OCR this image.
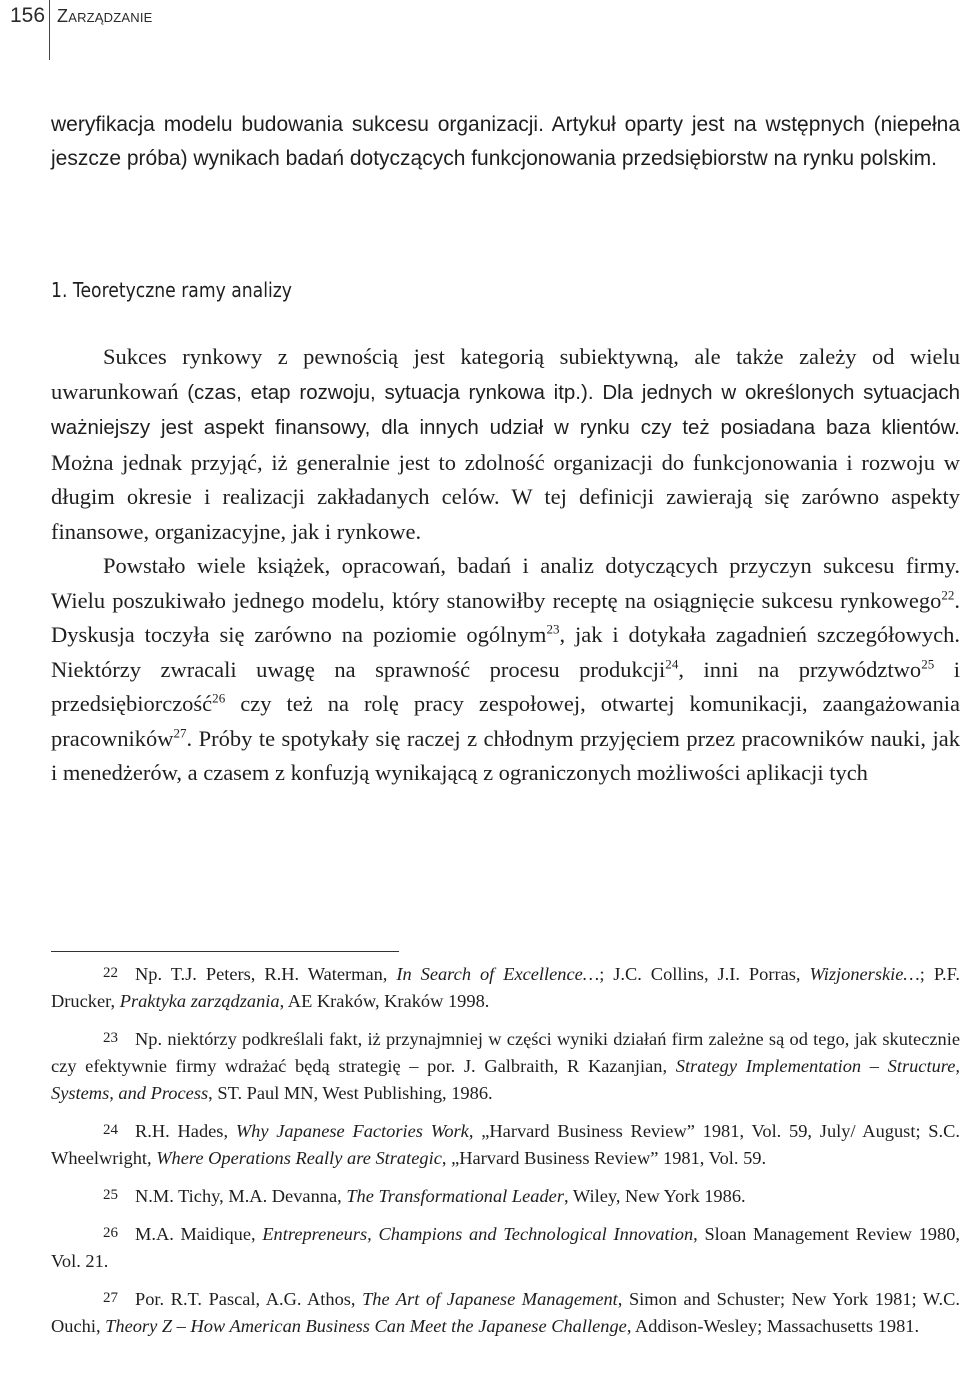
156 Zarządzanie

weryfikacja modelu budowania sukcesu organizacji. Artykuł oparty jest na wstępnych (niepełna jeszcze próba) wynikach badań dotyczących funkcjonowania przedsiębiorstw na rynku polskim.

1. Teoretyczne ramy analizy

Sukces rynkowy z pewnością jest kategorią subiektywną, ale także zależy od wielu uwarunkowań (czas, etap rozwoju, sytuacja rynkowa itp.). Dla jednych w określonych sytuacjach ważniejszy jest aspekt finansowy, dla innych udział w rynku czy też posiadana baza klientów. Można jednak przyjąć, iż generalnie jest to zdolność organizacji do funkcjonowania i rozwoju w długim okresie i realizacji zakładanych celów. W tej definicji zawierają się zarówno aspekty finansowe, organizacyjne, jak i rynkowe.

Powstało wiele książek, opracowań, badań i analiz dotyczących przyczyn sukcesu firmy. Wielu poszukiwało jednego modelu, który stanowiłby receptę na osiągnięcie sukcesu rynkowego$^{22}$. Dyskusja toczyła się zarówno na poziomie ogólnym$^{23}$, jak i dotykała zagadnień szczegółowych. Niektórzy zwracali uwagę na sprawność procesu produkcji$^{24}$, inni na przywództwo$^{25}$ i przedsiębiorczość$^{26}$ czy też na rolę pracy zespołowej, otwartej komunikacji, zaangażowania pracowników$^{27}$. Próby te spotykały się raczej z chłodnym przyjęciem przez pracowników nauki, jak i menedżerów, a czasem z konfuzją wynikającą z ograniczonych możliwości aplikacji tych

22 Np. T.J. Peters, R.H. Waterman, In Search of Excellence…; J.C. Collins, J.I. Porras, Wizjonerskie…; P.F. Drucker, Praktyka zarządzania, AE Kraków, Kraków 1998.

23 Np. niektórzy podkreślali fakt, iż przynajmniej w części wyniki działań firm zależne są od tego, jak skutecznie czy efektywnie firmy wdrażać będą strategię – por. J. Galbraith, R Kazanjian, Strategy Implementation – Structure, Systems, and Process, ST. Paul MN, West Publishing, 1986.

24 R.H. Hades, Why Japanese Factories Work, „Harvard Business Review” 1981, Vol. 59, July/ August; S.C. Wheelwright, Where Operations Really are Strategic, „Harvard Business Review” 1981, Vol. 59.

25 N.M. Tichy, M.A. Devanna, The Transformational Leader, Wiley, New York 1986.

26 M.A. Maidique, Entrepreneurs, Champions and Technological Innovation, Sloan Management Review 1980, Vol. 21.

27 Por. R.T. Pascal, A.G. Athos, The Art of Japanese Management, Simon and Schuster; New York 1981; W.C. Ouchi, Theory Z – How American Business Can Meet the Japanese Challenge, Addison-Wesley; Massachusetts 1981.
